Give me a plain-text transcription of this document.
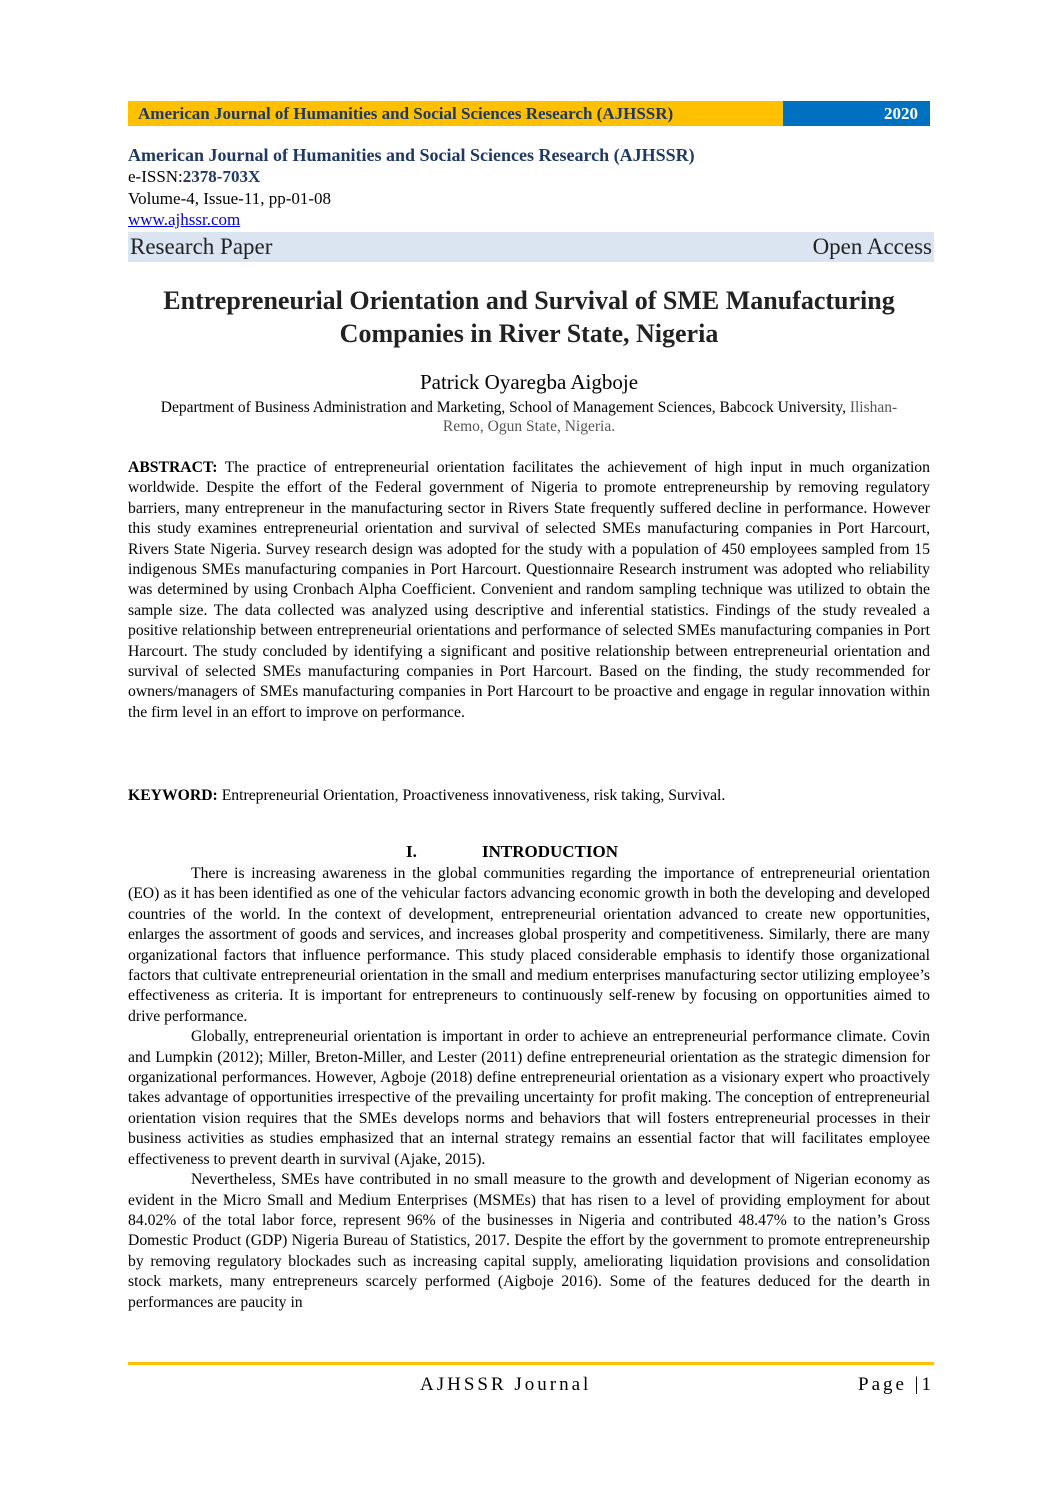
American Journal of Humanities and Social Sciences Research (AJHSSR)	2020
American Journal of Humanities and Social Sciences Research (AJHSSR)
e-ISSN:2378-703X
Volume-4, Issue-11, pp-01-08
www.ajhssr.com
Research Paper	Open Access
Entrepreneurial Orientation and Survival of SME Manufacturing Companies in River State, Nigeria
Patrick Oyaregba Aigboje
Department of Business Administration and Marketing, School of Management Sciences, Babcock University, Ilishan-Remo, Ogun State, Nigeria.
ABSTRACT: The practice of entrepreneurial orientation facilitates the achievement of high input in much organization worldwide. Despite the effort of the Federal government of Nigeria to promote entrepreneurship by removing regulatory barriers, many entrepreneur in the manufacturing sector in Rivers State frequently suffered decline in performance. However this study examines entrepreneurial orientation and survival of selected SMEs manufacturing companies in Port Harcourt, Rivers State Nigeria. Survey research design was adopted for the study with a population of 450 employees sampled from 15 indigenous SMEs manufacturing companies in Port Harcourt. Questionnaire Research instrument was adopted who reliability was determined by using Cronbach Alpha Coefficient. Convenient and random sampling technique was utilized to obtain the sample size. The data collected was analyzed using descriptive and inferential statistics. Findings of the study revealed a positive relationship between entrepreneurial orientations and performance of selected SMEs manufacturing companies in Port Harcourt. The study concluded by identifying a significant and positive relationship between entrepreneurial orientation and survival of selected SMEs manufacturing companies in Port Harcourt. Based on the finding, the study recommended for owners/managers of SMEs manufacturing companies in Port Harcourt to be proactive and engage in regular innovation within the firm level in an effort to improve on performance.
KEYWORD: Entrepreneurial Orientation, Proactiveness innovativeness, risk taking, Survival.
I.	INTRODUCTION

There is increasing awareness in the global communities regarding the importance of entrepreneurial orientation (EO) as it has been identified as one of the vehicular factors advancing economic growth in both the developing and developed countries of the world. In the context of development, entrepreneurial orientation advanced to create new opportunities, enlarges the assortment of goods and services, and increases global prosperity and competitiveness. Similarly, there are many organizational factors that influence performance. This study placed considerable emphasis to identify those organizational factors that cultivate entrepreneurial orientation in the small and medium enterprises manufacturing sector utilizing employee’s effectiveness as criteria. It is important for entrepreneurs to continuously self-renew by focusing on opportunities aimed to drive performance.

Globally, entrepreneurial orientation is important in order to achieve an entrepreneurial performance climate. Covin and Lumpkin (2012); Miller, Breton-Miller, and Lester (2011) define entrepreneurial orientation as the strategic dimension for organizational performances. However, Agboje (2018) define entrepreneurial orientation as a visionary expert who proactively takes advantage of opportunities irrespective of the prevailing uncertainty for profit making. The conception of entrepreneurial orientation vision requires that the SMEs develops norms and behaviors that will fosters entrepreneurial processes in their business activities as studies emphasized that an internal strategy remains an essential factor that will facilitates employee effectiveness to prevent dearth in survival (Ajake, 2015).

Nevertheless, SMEs have contributed in no small measure to the growth and development of Nigerian economy as evident in the Micro Small and Medium Enterprises (MSMEs) that has risen to a level of providing employment for about 84.02% of the total labor force, represent 96% of the businesses in Nigeria and contributed 48.47% to the nation’s Gross Domestic Product (GDP) Nigeria Bureau of Statistics, 2017. Despite the effort by the government to promote entrepreneurship by removing regulatory blockades such as increasing capital supply, ameliorating liquidation provisions and consolidation stock markets, many entrepreneurs scarcely performed (Aigboje 2016). Some of the features deduced for the dearth in performances are paucity in

AJHSSR Journal	Page |1
